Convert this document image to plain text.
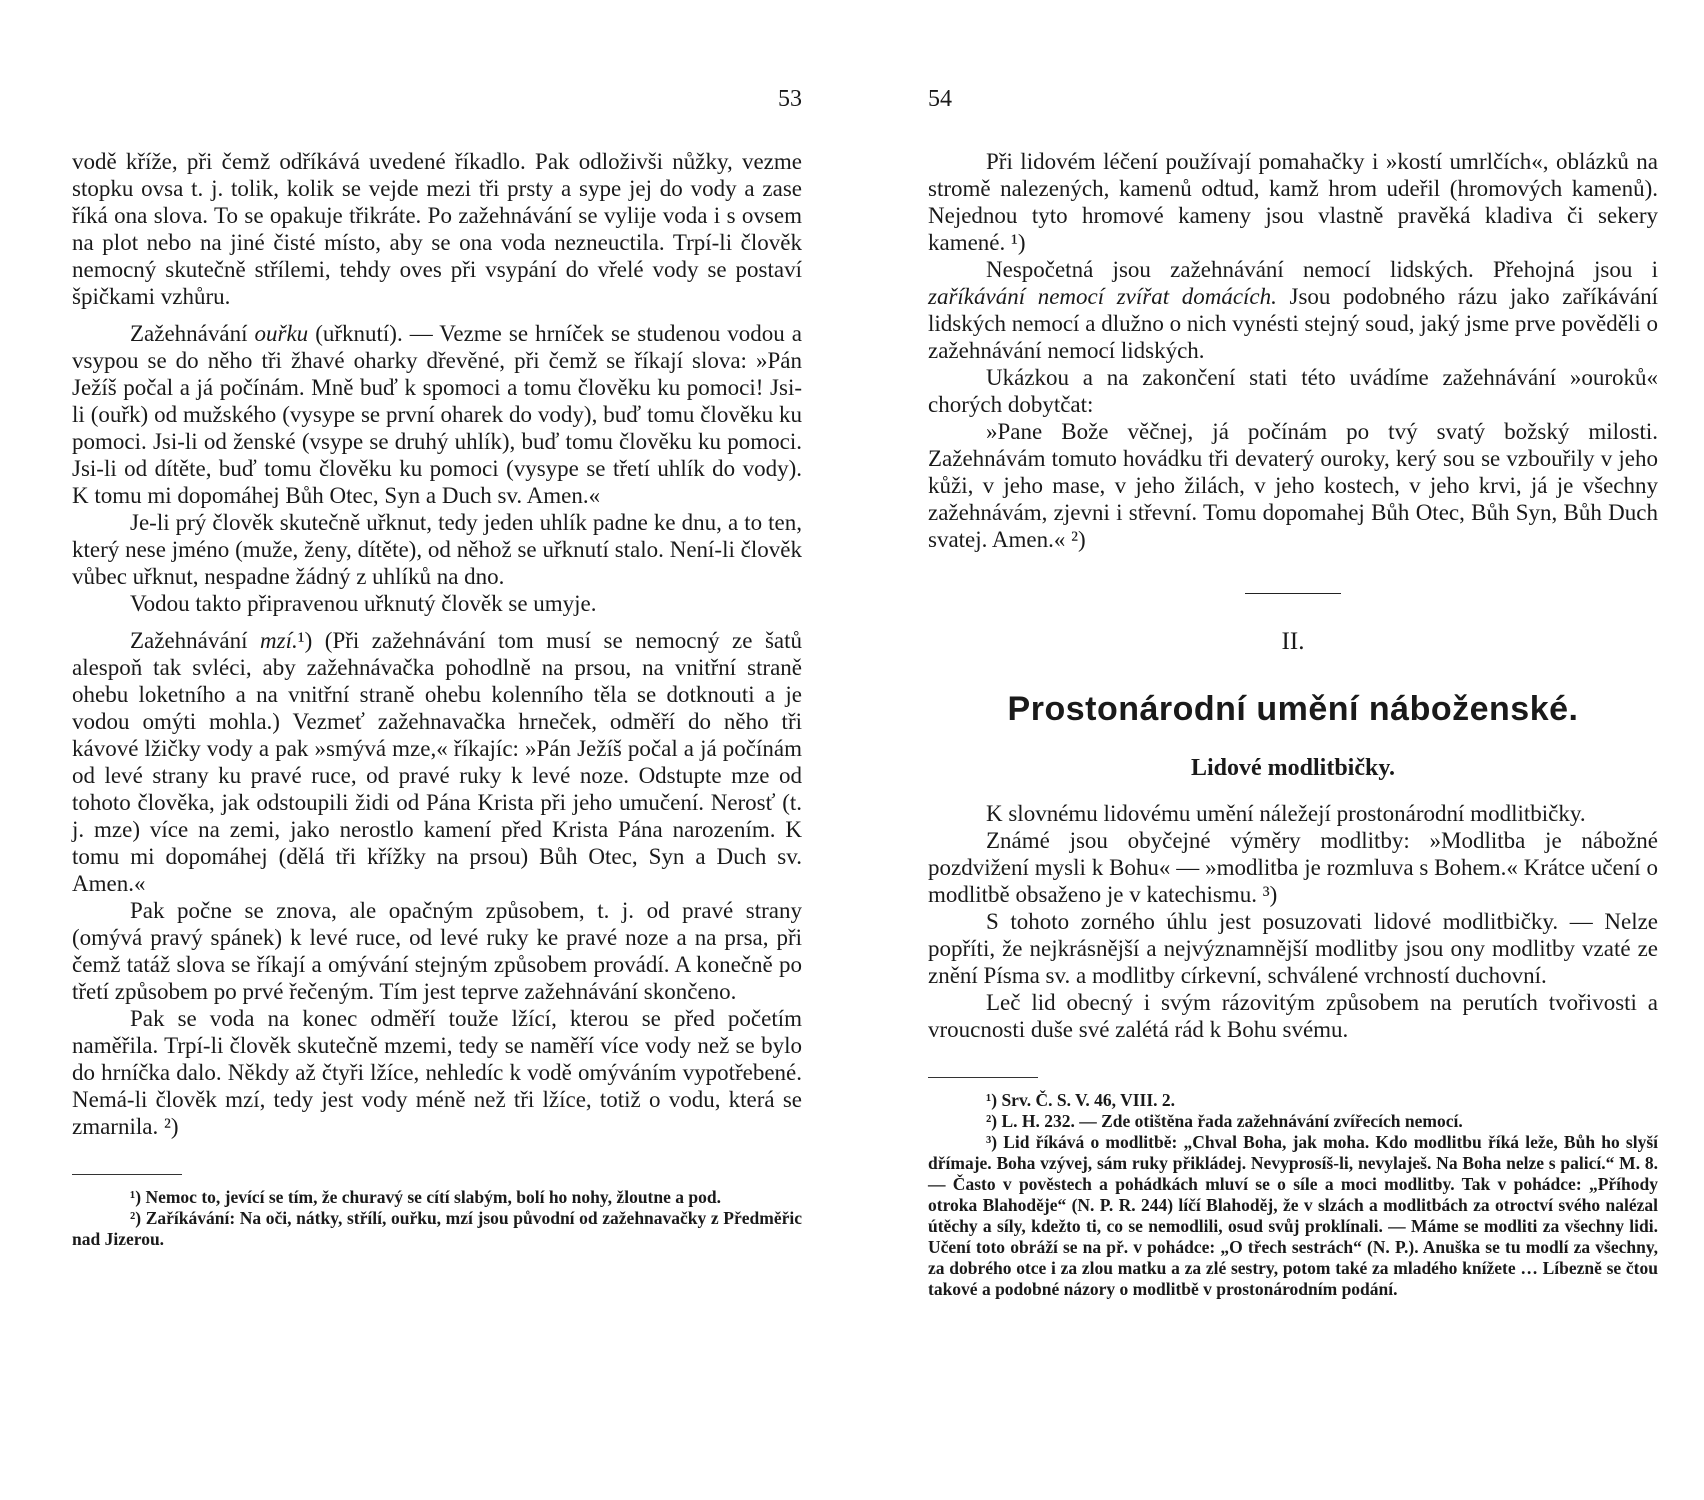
53

vodě kříže, při čemž odříkává uvedené říkadlo. Pak odloživši nůžky, vezme stopku ovsa t. j. tolik, kolik se vejde mezi tři prsty a sype jej do vody a zase říká ona slova. To se opakuje třikráte. Po zažehnávání se vylije voda i s ovsem na plot nebo na jiné čisté místo, aby se ona voda nezneuctila. Trpí-li člověk nemocný skutečně střílemi, tehdy oves při vsypání do vřelé vody se postaví špičkami vzhůru.

Zažehnávání ouřku (uřknutí). — Vezme se hrníček se studenou vodou a vsypou se do něho tři žhavé oharky dřevěné, při čemž se říkají slova: »Pán Ježíš počal a já počínám. Mně buď k spomoci a tomu člověku ku pomoci! Jsi-li (ouřk) od mužského (vysype se první oharek do vody), buď tomu člověku ku pomoci. Jsi-li od ženské (vsype se druhý uhlík), buď tomu člověku ku pomoci. Jsi-li od dítěte, buď tomu člověku ku pomoci (vysype se třetí uhlík do vody). K tomu mi dopomáhej Bůh Otec, Syn a Duch sv. Amen.«

Je-li prý člověk skutečně uřknut, tedy jeden uhlík padne ke dnu, a to ten, který nese jméno (muže, ženy, dítěte), od něhož se uřknutí stalo. Není-li člověk vůbec uřknut, nespadne žádný z uhlíků na dno.

Vodou takto připravenou uřknutý člověk se umyje.

Zažehnávání mzí.¹) (Při zažehnávání tom musí se nemocný ze šatů alespoň tak svléci, aby zažehnávačka pohodlně na prsou, na vnitřní straně ohebu loketního a na vnitřní straně ohebu kolenního těla se dotknouti a je vodou omýti mohla.) Vezmeť zažehnavačka hrneček, odměří do něho tři kávové lžičky vody a pak »smývá mze,« říkajíc: »Pán Ježíš počal a já počínám od levé strany ku pravé ruce, od pravé ruky k levé noze. Odstupte mze od tohoto člověka, jak odstoupili židi od Pána Krista při jeho umučení. Nerosť (t. j. mze) více na zemi, jako nerostlo kamení před Krista Pána narozením. K tomu mi dopomáhej (dělá tři křížky na prsou) Bůh Otec, Syn a Duch sv. Amen.«

Pak počne se znova, ale opačným způsobem, t. j. od pravé strany (omývá pravý spánek) k levé ruce, od levé ruky ke pravé noze a na prsa, při čemž tatáž slova se říkají a omývání stejným způsobem provádí. A konečně po třetí způsobem po prvé řečeným. Tím jest teprve zažehnávání skončeno.

Pak se voda na konec odměří touže lžící, kterou se před početím naměřila. Trpí-li člověk skutečně mzemi, tedy se naměří více vody než se bylo do hrníčka dalo. Někdy až čtyři lžíce, nehledíc k vodě omýváním vypotřebené. Nemá-li člověk mzí, tedy jest vody méně než tři lžíce, totiž o vodu, která se zmarnila. ²)

¹) Nemoc to, jevící se tím, že churavý se cítí slabým, bolí ho nohy, žloutne a pod.

²) Zaříkávání: Na oči, nátky, střílí, ouřku, mzí jsou původní od zažehnavačky z Předměřic nad Jizerou.

54

Při lidovém léčení používají pomahačky i »kostí umrlčích«, oblázků na stromě nalezených, kamenů odtud, kamž hrom udeřil (hromových kamenů). Nejednou tyto hromové kameny jsou vlastně pravěká kladiva či sekery kamené. ¹)

Nespočetná jsou zažehnávání nemocí lidských. Přehojná jsou i zaříkávání nemocí zvířat domácích. Jsou podobného rázu jako zaříkávání lidských nemocí a dlužno o nich vynésti stejný soud, jaký jsme prve pověděli o zažehnávání nemocí lidských.

Ukázkou a na zakončení stati této uvádíme zažehnávání »ouroků« chorých dobytčat:

»Pane Bože věčnej, já počínám po tvý svatý božský milosti. Zažehnávám tomuto hovádku tři devaterý ouroky, kerý sou se vzbouřily v jeho kůži, v jeho mase, v jeho žilách, v jeho kostech, v jeho krvi, já je všechny zažehnávám, zjevni i střevní. Tomu dopomahej Bůh Otec, Bůh Syn, Bůh Duch svatej. Amen.« ²)

II.
Prostonárodní umění náboženské.
Lidové modlitbičky.

K slovnému lidovému umění náležejí prostonárodní modlitbičky.

Známé jsou obyčejné výměry modlitby: »Modlitba je nábožné pozdvižení mysli k Bohu« — »modlitba je rozmluva s Bohem.« Krátce učení o modlitbě obsaženo je v katechismu. ³)

S tohoto zorného úhlu jest posuzovati lidové modlitbičky. — Nelze popříti, že nejkrásnější a nejvýznamnější modlitby jsou ony modlitby vzaté ze znění Písma sv. a modlitby církevní, schválené vrchností duchovní.

Leč lid obecný i svým rázovitým způsobem na perutích tvořivosti a vroucnosti duše své zalétá rád k Bohu svému.

¹) Srv. Č. S. V. 46, VIII. 2.

²) L. H. 232. — Zde otištěna řada zažehnávání zvířecích nemocí.

³) Lid říkává o modlitbě: „Chval Boha, jak moha. Kdo modlitbu říká leže, Bůh ho slyší dřímaje. Boha vzývej, sám ruky přikládej. Nevyprosíš-li, nevylaješ. Na Boha nelze s palicí.“ M. 8. — Často v pověstech a pohádkách mluví se o síle a moci modlitby. Tak v pohádce: „Příhody otroka Blahoděje“ (N. P. R. 244) líčí Blahoděj, že v slzách a modlitbách za otroctví svého nalézal útěchy a síly, kdežto ti, co se nemodlili, osud svůj proklínali. — Máme se modliti za všechny lidi. Učení toto obráží se na př. v pohádce: „O třech sestrách“ (N. P.). Anuška se tu modlí za všechny, za dobrého otce i za zlou matku a za zlé sestry, potom také za mladého knížete … Líbezně se čtou takové a podobné názory o modlitbě v prostonárodním podání.
